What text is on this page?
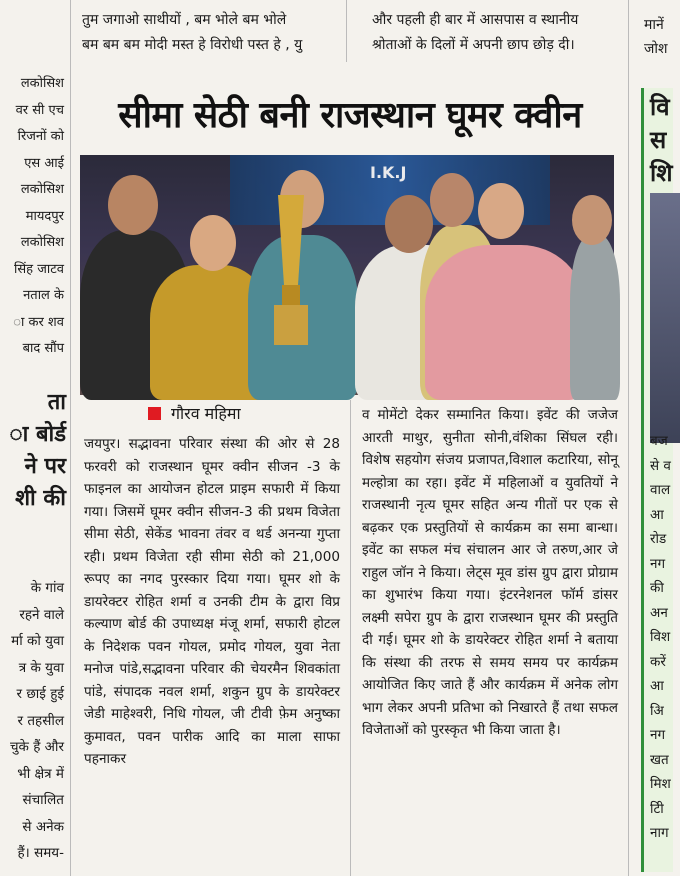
लकोसिश
वर सी एच
रिजनों को
एस आई
लकोसिश
मायदपुर
लकोसिश
सिंह जाटव
नताल के
ा कर शव
बाद सौंप
ता
ा बोर्ड
ने पर
शी की
के गांव
रहने वाले
र्मा को युवा
त्र के युवा
र छाई हुई
र तहसील
चुके हैं और
भी क्षेत्र में
संचालित
से अनेक
हैं। समय-
तुम जगाओ साथीयों , बम भोले बम भोले
बम बम बम मोदी मस्त हे विरोधी पस्त हे , यु
और पहली ही बार में आसपास व स्थानीय
श्रोताओं के दिलों में अपनी छाप छोड़ दी।
सीमा सेठी बनी राजस्थान घूमर क्वीन
I.K.J
गौरव महिमा

जयपुर। सद्भावना परिवार संस्था की ओर से 28 फरवरी को राजस्थान घूमर क्वीन सीजन -3 के फाइनल का आयोजन होटल प्राइम सफारी में किया गया। जिसमें घूमर क्वीन सीजन-3 की प्रथम विजेता सीमा सेठी, सेकेंड भावना तंवर व थर्ड अनन्या गुप्ता रही। प्रथम विजेता रही सीमा सेठी को 21,000 रूपए का नगद पुरस्कार दिया गया। घूमर शो के डायरेक्टर रोहित शर्मा व उनकी टीम के द्वारा विप्र कल्याण बोर्ड की उपाध्यक्ष मंजू शर्मा, सफारी होटल के निदेशक पवन गोयल, प्रमोद गोयल, युवा नेता मनोज पांडे,सद्भावना परिवार की चेयरमैन शिवकांता पांडे, संपादक नवल शर्मा, शकुन ग्रुप के डायरेक्टर जेडी माहेश्वरी, निधि गोयल, जी टीवी फ़ेम अनुष्का कुमावत, पवन पारीक आदि का माला साफा पहनाकर

व मोमेंटो देकर सम्मानित किया। इवेंट की जजेज आरती माथुर, सुनीता सोनी,वंशिका सिंघल रही। विशेष सहयोग संजय प्रजापत,विशाल कटारिया, सोनू मल्होत्रा का रहा। इवेंट में महिलाओं व युवतियों ने राजस्थानी नृत्य घूमर सहित अन्य गीतों पर एक से बढ़कर एक प्रस्तुतियों से कार्यक्रम का समा बान्धा। इवेंट का सफल मंच संचालन आर जे तरुण,आर जे राहुल जॉन ने किया। लेट्स मूव डांस ग्रुप द्वारा प्रोग्राम का शुभारंभ किया गया। इंटरनेशनल फॉर्म डांसर लक्ष्मी सपेरा ग्रुप के द्वारा राजस्थान घूमर की प्रस्तुति दी गई। घूमर शो के डायरेक्टर रोहित शर्मा ने बताया कि संस्था की तरफ से समय समय पर कार्यक्रम आयोजित किए जाते हैं और कार्यक्रम में अनेक लोग भाग लेकर अपनी प्रतिभा को निखारते हैं तथा सफल विजेताओं को पुरस्कृत भी किया जाता है।

मानें
जोश
वि
स
शि
बज
से व
वाल
आ
रोड
नग
की
अन
विश
करें
आ
अि
नग
खत
मिश
टीि
नाग
